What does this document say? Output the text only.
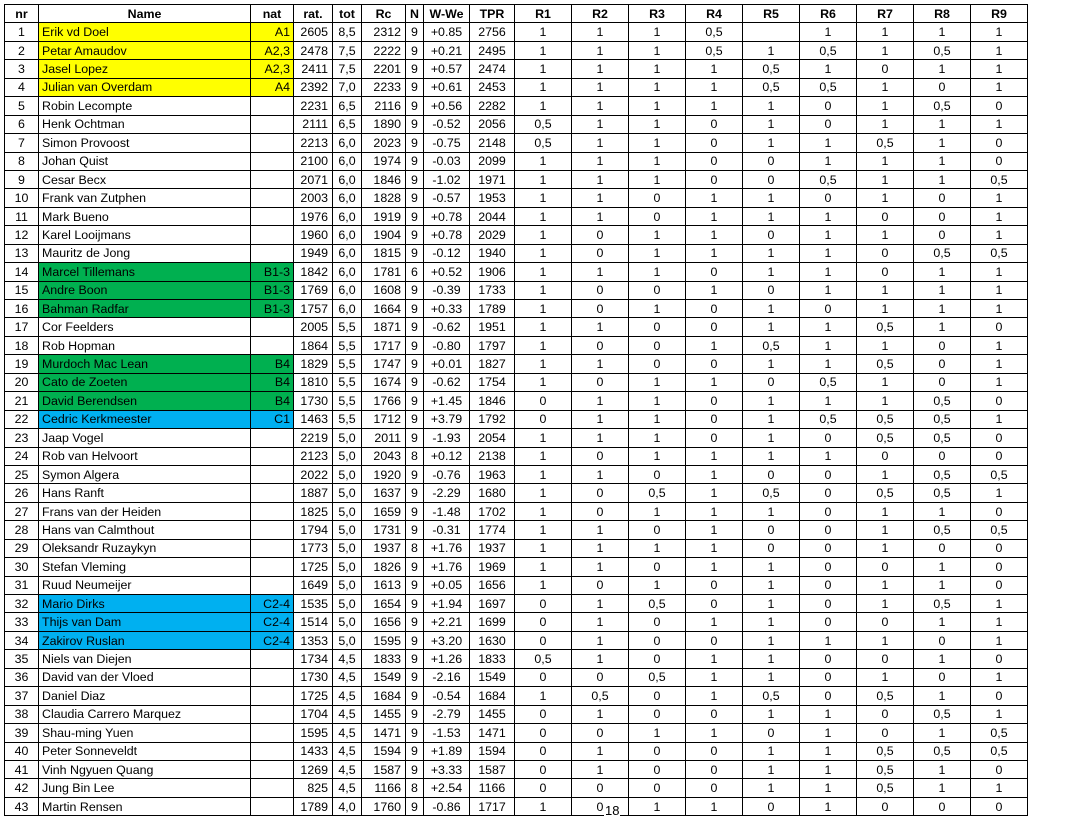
nr	Name	nat	rat.	tot	Rc	N	W-We	TPR	R1	R2	R3	R4	R5	R6	R7	R8	R9
1	Erik vd Doel	A1	2605	8,5	2312	9	+0.85	2756	1	1	1	0,5		1	1	1	1
2	Petar Amaudov	A2,3	2478	7,5	2222	9	+0.21	2495	1	1	1	0,5	1	0,5	1	0,5	1
3	Jasel Lopez	A2,3	2411	7,5	2201	9	+0.57	2474	1	1	1	1	0,5	1	0	1	1
4	Julian van Overdam	A4	2392	7,0	2233	9	+0.61	2453	1	1	1	1	0,5	0,5	1	0	1
5	Robin Lecompte		2231	6,5	2116	9	+0.56	2282	1	1	1	1	1	0	1	0,5	0
6	Henk Ochtman		2111	6,5	1890	9	-0.52	2056	0,5	1	1	0	1	0	1	1	1
7	Simon Provoost		2213	6,0	2023	9	-0.75	2148	0,5	1	1	0	1	1	0,5	1	0
8	Johan Quist		2100	6,0	1974	9	-0.03	2099	1	1	1	0	0	1	1	1	0
9	Cesar Becx		2071	6,0	1846	9	-1.02	1971	1	1	1	0	0	0,5	1	1	0,5
10	Frank van Zutphen		2003	6,0	1828	9	-0.57	1953	1	1	0	1	1	0	1	0	1
11	Mark Bueno		1976	6,0	1919	9	+0.78	2044	1	1	0	1	1	1	0	0	1
12	Karel Looijmans		1960	6,0	1904	9	+0.78	2029	1	0	1	1	0	1	1	0	1
13	Mauritz de Jong		1949	6,0	1815	9	-0.12	1940	1	0	1	1	1	1	0	0,5	0,5
14	Marcel Tillemans	B1-3	1842	6,0	1781	6	+0.52	1906	1	1	1	0	1	1	0	1	1
15	Andre Boon	B1-3	1769	6,0	1608	9	-0.39	1733	1	0	0	1	0	1	1	1	1
16	Bahman Radfar	B1-3	1757	6,0	1664	9	+0.33	1789	1	0	1	0	1	0	1	1	1
17	Cor Feelders		2005	5,5	1871	9	-0.62	1951	1	1	0	0	1	1	0,5	1	0
18	Rob Hopman		1864	5,5	1717	9	-0.80	1797	1	0	0	1	0,5	1	1	0	1
19	Murdoch Mac Lean	B4	1829	5,5	1747	9	+0.01	1827	1	1	0	0	1	1	0,5	0	1
20	Cato de Zoeten	B4	1810	5,5	1674	9	-0.62	1754	1	0	1	1	0	0,5	1	0	1
21	David Berendsen	B4	1730	5,5	1766	9	+1.45	1846	0	1	1	0	1	1	1	0,5	0
22	Cedric Kerkmeester	C1	1463	5,5	1712	9	+3.79	1792	0	1	1	0	1	0,5	0,5	0,5	1
23	Jaap Vogel		2219	5,0	2011	9	-1.93	2054	1	1	1	0	1	0	0,5	0,5	0
24	Rob van Helvoort		2123	5,0	2043	8	+0.12	2138	1	0	1	1	1	1	0	0	0
25	Symon Algera		2022	5,0	1920	9	-0.76	1963	1	1	0	1	0	0	1	0,5	0,5
26	Hans Ranft		1887	5,0	1637	9	-2.29	1680	1	0	0,5	1	0,5	0	0,5	0,5	1
27	Frans van der Heiden		1825	5,0	1659	9	-1.48	1702	1	0	1	1	1	0	1	1	0
28	Hans van Calmthout		1794	5,0	1731	9	-0.31	1774	1	1	0	1	0	0	1	0,5	0,5
29	Oleksandr Ruzaykyn		1773	5,0	1937	8	+1.76	1937	1	1	1	1	0	0	1	0	0
30	Stefan Vleming		1725	5,0	1826	9	+1.76	1969	1	1	0	1	1	0	0	1	0
31	Ruud Neumeijer		1649	5,0	1613	9	+0.05	1656	1	0	1	0	1	0	1	1	0
32	Mario Dirks	C2-4	1535	5,0	1654	9	+1.94	1697	0	1	0,5	0	1	0	1	0,5	1
33	Thijs van Dam	C2-4	1514	5,0	1656	9	+2.21	1699	0	1	0	1	1	0	0	1	1
34	Zakirov Ruslan	C2-4	1353	5,0	1595	9	+3.20	1630	0	1	0	0	1	1	1	0	1
35	Niels van Diejen		1734	4,5	1833	9	+1.26	1833	0,5	1	0	1	1	0	0	1	0
36	David van der Vloed		1730	4,5	1549	9	-2.16	1549	0	0	0,5	1	1	0	1	0	1
37	Daniel Diaz		1725	4,5	1684	9	-0.54	1684	1	0,5	0	1	0,5	0	0,5	1	0
38	Claudia Carrero Marquez		1704	4,5	1455	9	-2.79	1455	0	1	0	0	1	1	0	0,5	1
39	Shau-ming Yuen		1595	4,5	1471	9	-1.53	1471	0	0	1	1	0	1	0	1	0,5
40	Peter Sonneveldt		1433	4,5	1594	9	+1.89	1594	0	1	0	0	1	1	0,5	0,5	0,5
41	Vinh Ngyuen Quang		1269	4,5	1587	9	+3.33	1587	0	1	0	0	1	1	0,5	1	0
42	Jung Bin Lee		825	4,5	1166	8	+2.54	1166	0	0	0	0	1	1	0,5	1	1
43	Martin Rensen		1789	4,0	1760	9	-0.86	1717	1	0	1	1	0	1	0	0	0
18
